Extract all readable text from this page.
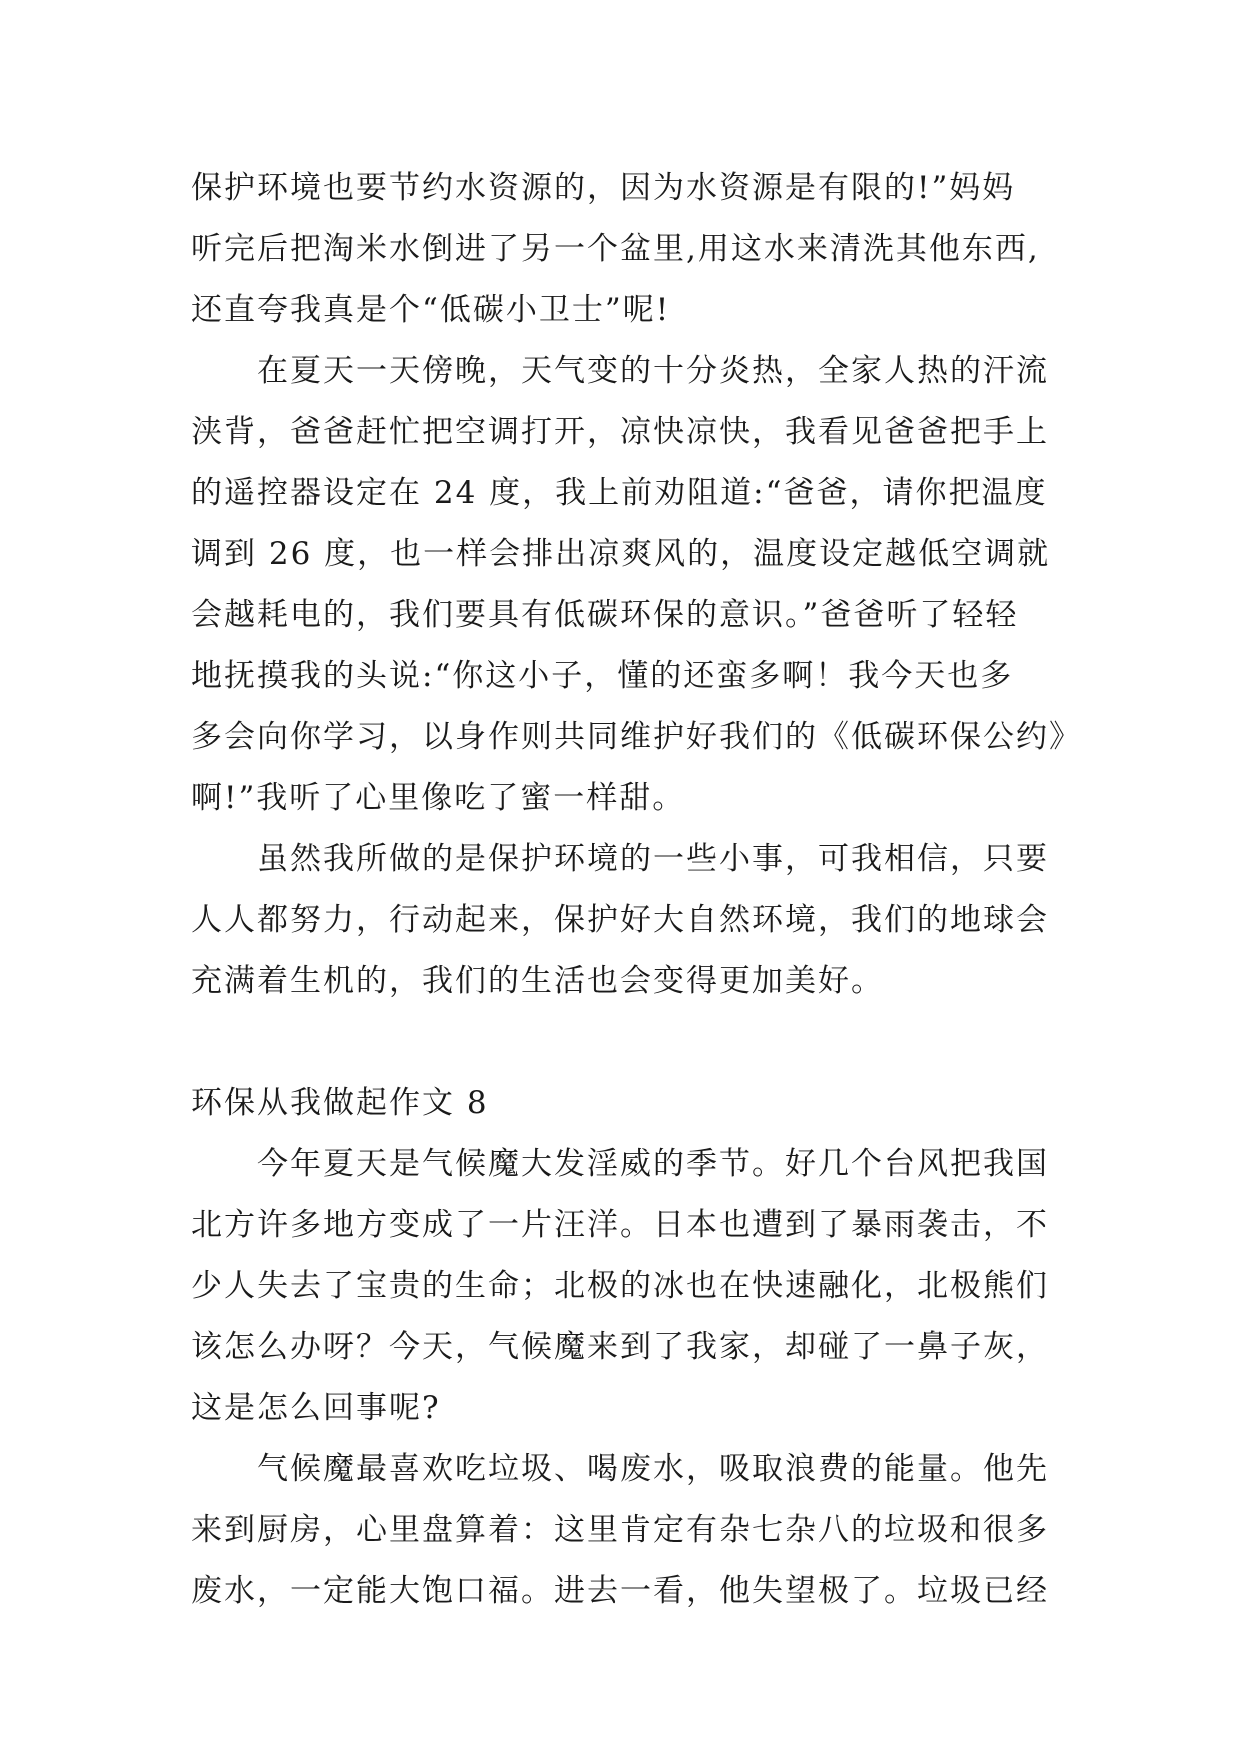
保护环境也要节约水资源的，因为水资源是有限的!”妈妈
听完后把淘米水倒进了另一个盆里,用这水来清洗其他东西,
还直夸我真是个“低碳小卫士”呢!
在夏天一天傍晚，天气变的十分炎热，全家人热的汗流
浃背，爸爸赶忙把空调打开，凉快凉快，我看见爸爸把手上
的遥控器设定在 24 度，我上前劝阻道:“爸爸，请你把温度
调到 26 度，也一样会排出凉爽风的，温度设定越低空调就
会越耗电的，我们要具有低碳环保的意识。”爸爸听了轻轻
地抚摸我的头说:“你这小子，懂的还蛮多啊！我今天也多
多会向你学习，以身作则共同维护好我们的《低碳环保公约》
啊!”我听了心里像吃了蜜一样甜。
虽然我所做的是保护环境的一些小事，可我相信，只要
人人都努力，行动起来，保护好大自然环境，我们的地球会
充满着生机的，我们的生活也会变得更加美好。
环保从我做起作文 8
今年夏天是气候魔大发淫威的季节。好几个台风把我国
北方许多地方变成了一片汪洋。日本也遭到了暴雨袭击，不
少人失去了宝贵的生命；北极的冰也在快速融化，北极熊们
该怎么办呀？今天，气候魔来到了我家，却碰了一鼻子灰，
这是怎么回事呢?
气候魔最喜欢吃垃圾、喝废水，吸取浪费的能量。他先
来到厨房，心里盘算着：这里肯定有杂七杂八的垃圾和很多
废水，一定能大饱口福。进去一看，他失望极了。垃圾已经
